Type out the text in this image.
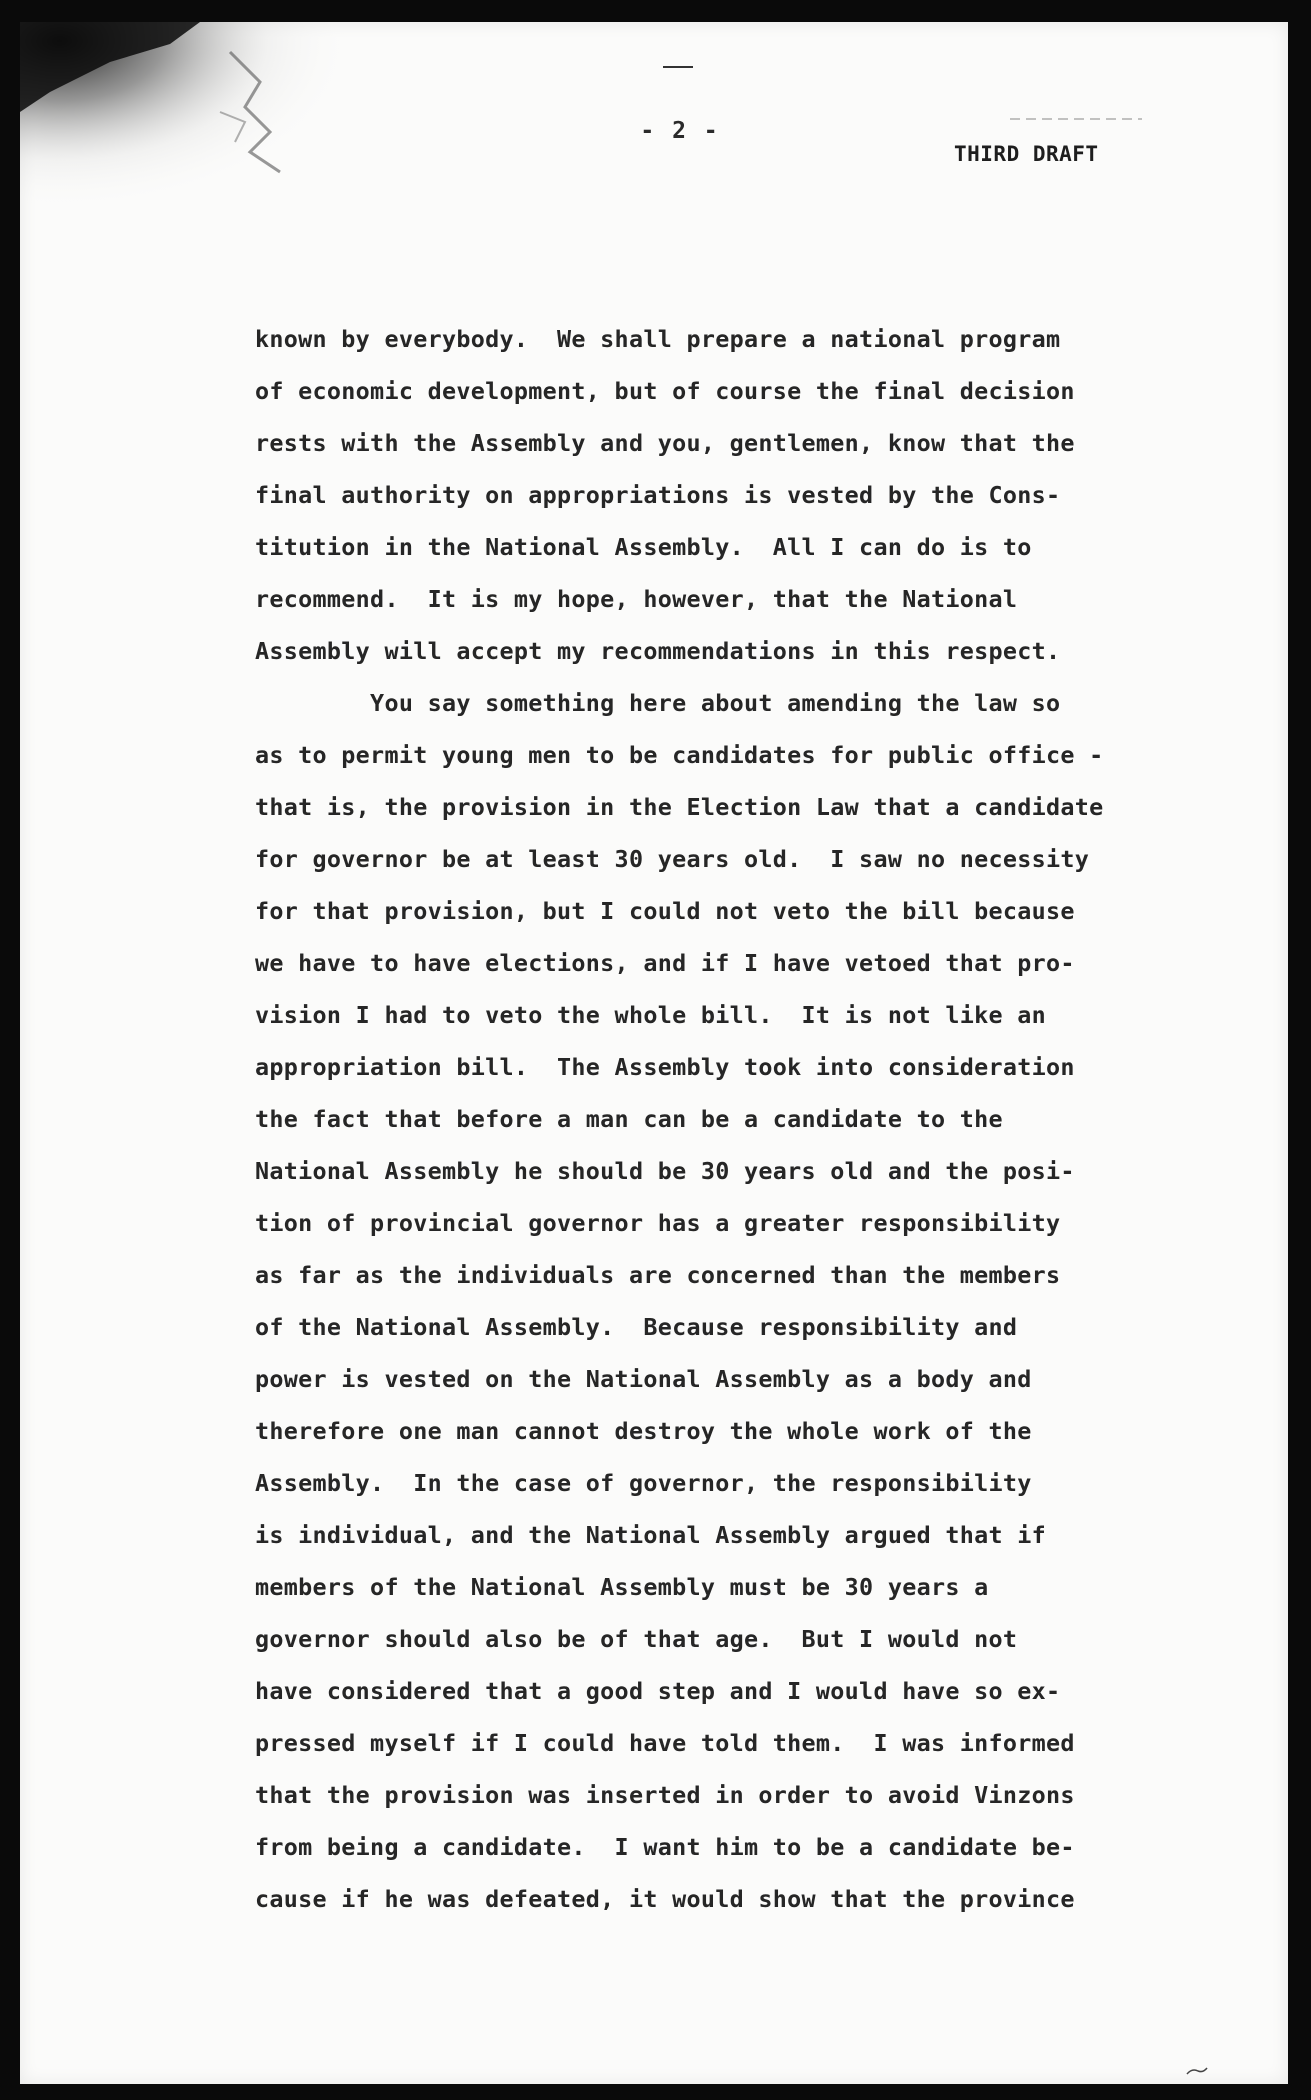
- 2 -
THIRD DRAFT
known by everybody.  We shall prepare a national program
of economic development, but of course the final decision
rests with the Assembly and you, gentlemen, know that the
final authority on appropriations is vested by the Cons-
titution in the National Assembly.  All I can do is to
recommend.  It is my hope, however, that the National
Assembly will accept my recommendations in this respect.
You say something here about amending the law so
as to permit young men to be candidates for public office -
that is, the provision in the Election Law that a candidate
for governor be at least 30 years old.  I saw no necessity
for that provision, but I could not veto the bill because
we have to have elections, and if I have vetoed that pro-
vision I had to veto the whole bill.  It is not like an
appropriation bill.  The Assembly took into consideration
the fact that before a man can be a candidate to the
National Assembly he should be 30 years old and the posi-
tion of provincial governor has a greater responsibility
as far as the individuals are concerned than the members
of the National Assembly.  Because responsibility and
power is vested on the National Assembly as a body and
therefore one man cannot destroy the whole work of the
Assembly.  In the case of governor, the responsibility
is individual, and the National Assembly argued that if
members of the National Assembly must be 30 years a
governor should also be of that age.  But I would not
have considered that a good step and I would have so ex-
pressed myself if I could have told them.  I was informed
that the provision was inserted in order to avoid Vinzons
from being a candidate.  I want him to be a candidate be-
cause if he was defeated, it would show that the province
